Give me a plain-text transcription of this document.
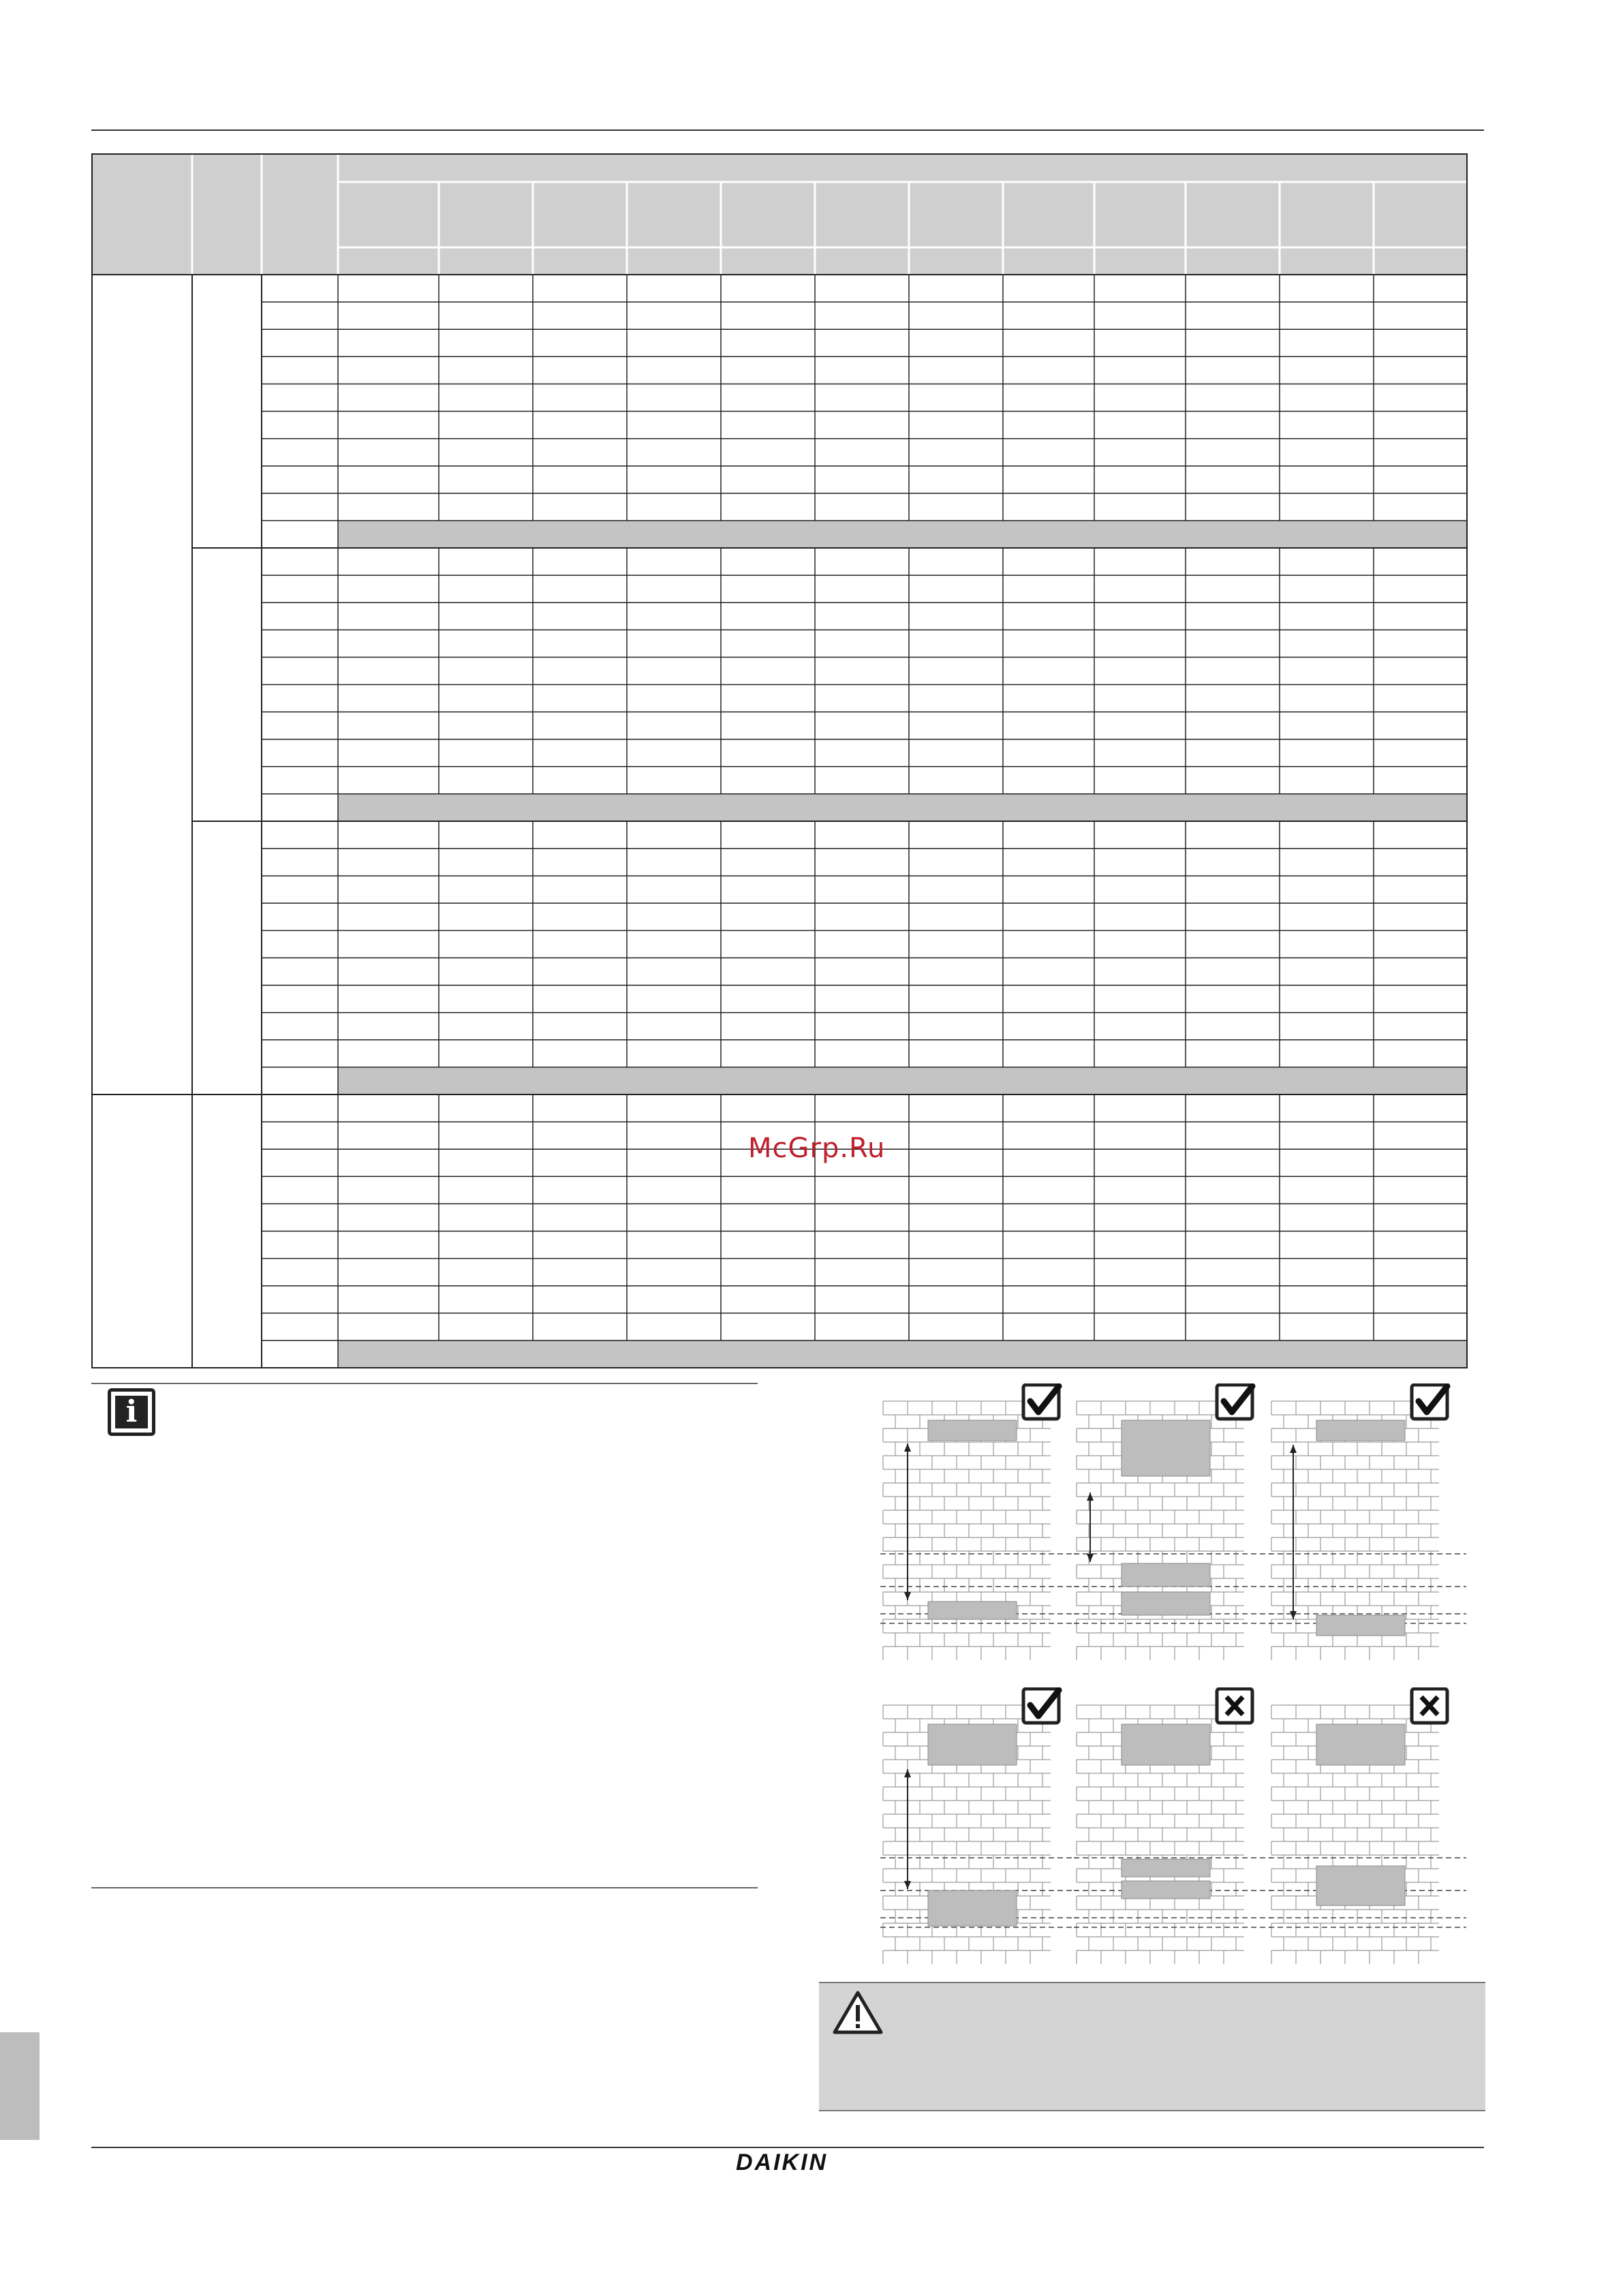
McGrp.Ru
i
DAIKIN
